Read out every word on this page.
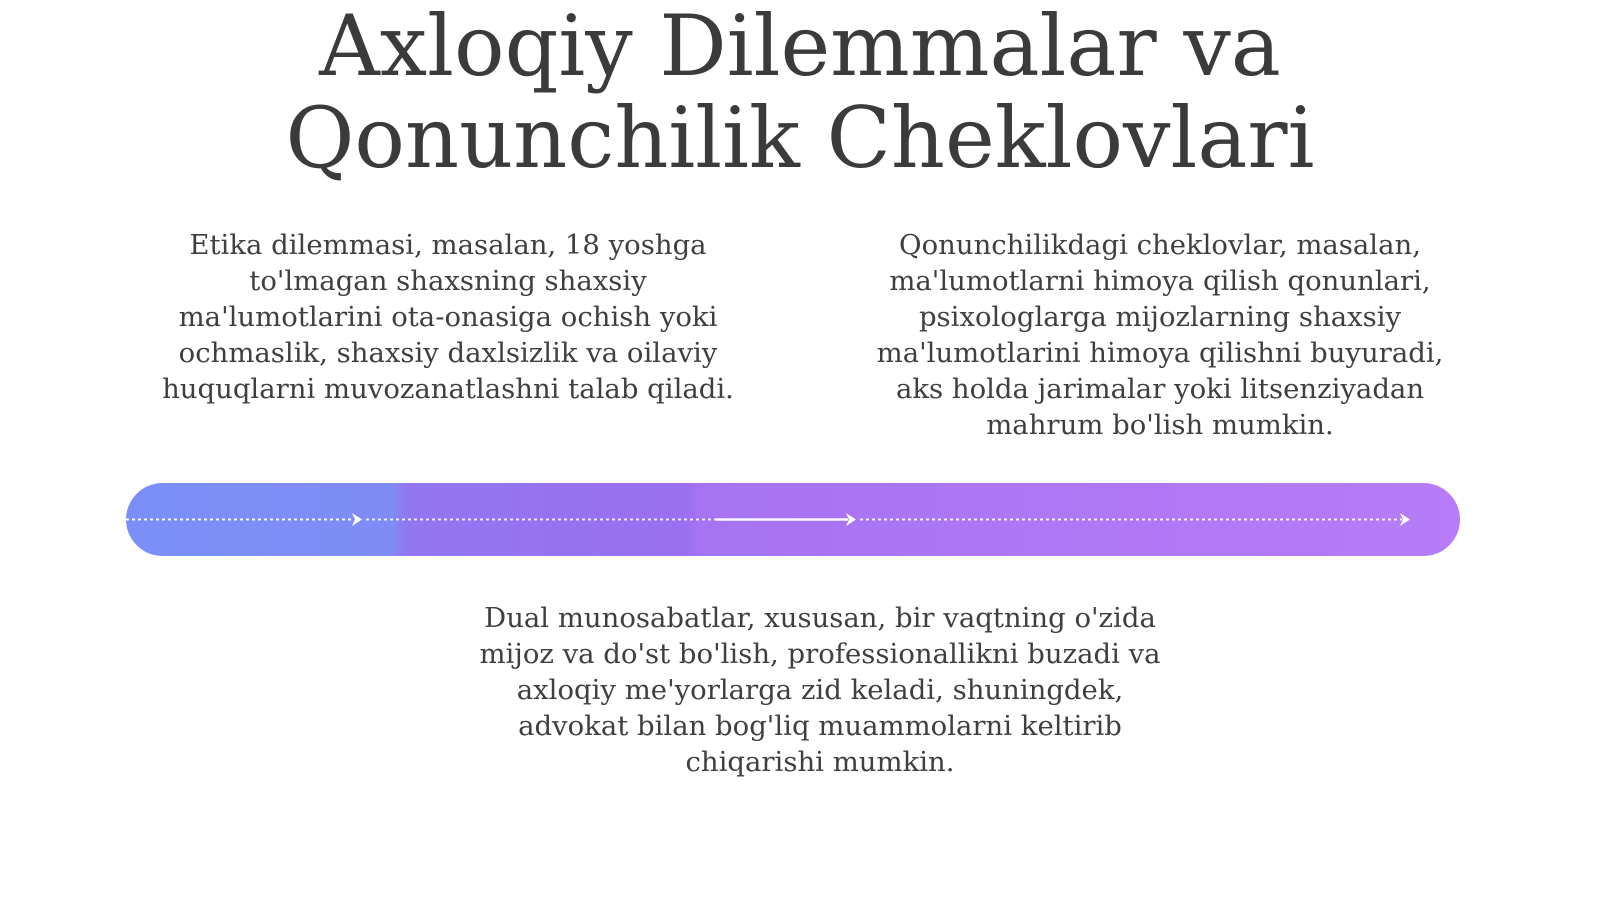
Axloqiy Dilemmalar va
Qonunchilik Cheklovlari

Etika dilemmasi, masalan, 18 yoshga to'lmagan shaxsning shaxsiy ma'lumotlarini ota-onasiga ochish yoki ochmaslik, shaxsiy daxlsizlik va oilaviy huquqlarni muvozanatlashni talab qiladi.

Qonunchilikdagi cheklovlar, masalan, ma'lumotlarni himoya qilish qonunlari, psixologlarga mijozlarning shaxsiy ma'lumotlarini himoya qilishni buyuradi, aks holda jarimalar yoki litsenziyadan mahrum bo'lish mumkin.

Dual munosabatlar, xususan, bir vaqtning o'zida mijoz va do'st bo'lish, professionallikni buzadi va axloqiy me'yorlarga zid keladi, shuningdek, advokat bilan bog'liq muammolarni keltirib chiqarishi mumkin.
